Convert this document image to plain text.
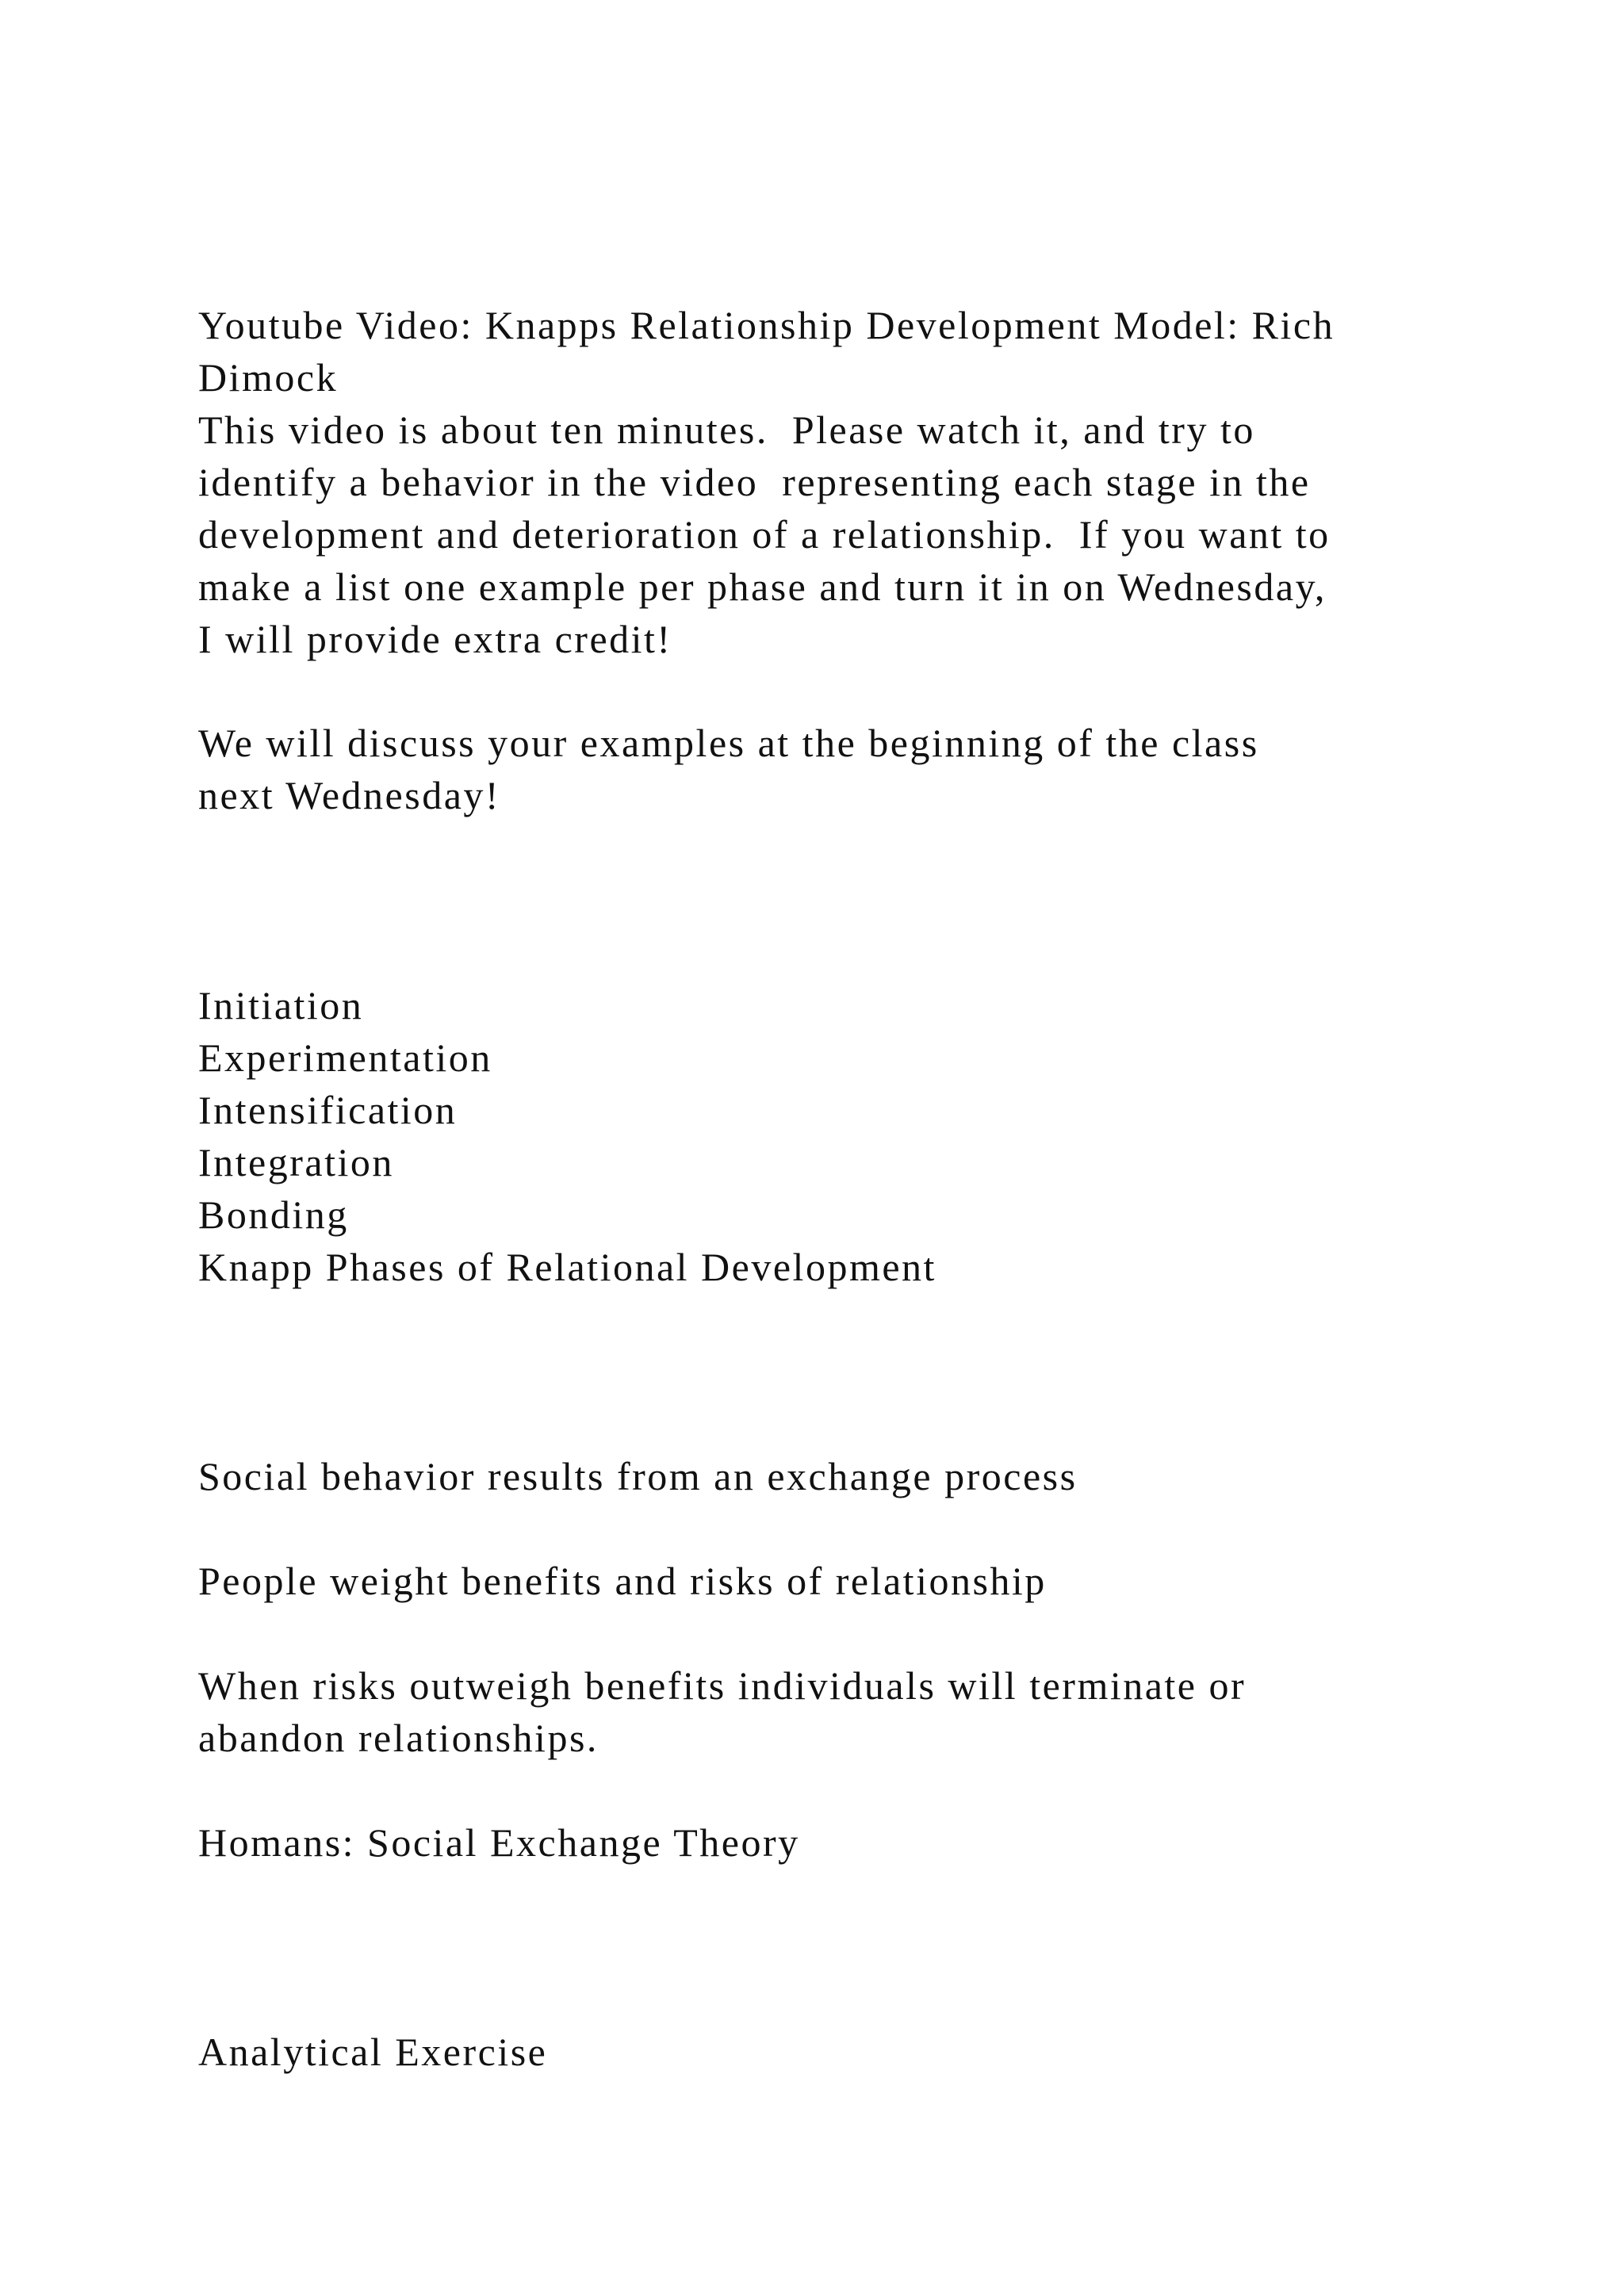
Youtube Video: Knapps Relationship Development Model: Rich

Dimock

This video is about ten minutes.  Please watch it, and try to

identify a behavior in the video  representing each stage in the

development and deterioration of a relationship.  If you want to

make a list one example per phase and turn it in on Wednesday,

I will provide extra credit!

We will discuss your examples at the beginning of the class

next Wednesday!

Initiation

Experimentation

Intensification

Integration

Bonding

Knapp Phases of Relational Development

Social behavior results from an exchange process

People weight benefits and risks of relationship

When risks outweigh benefits individuals will terminate or

abandon relationships.

Homans: Social Exchange Theory

Analytical Exercise
